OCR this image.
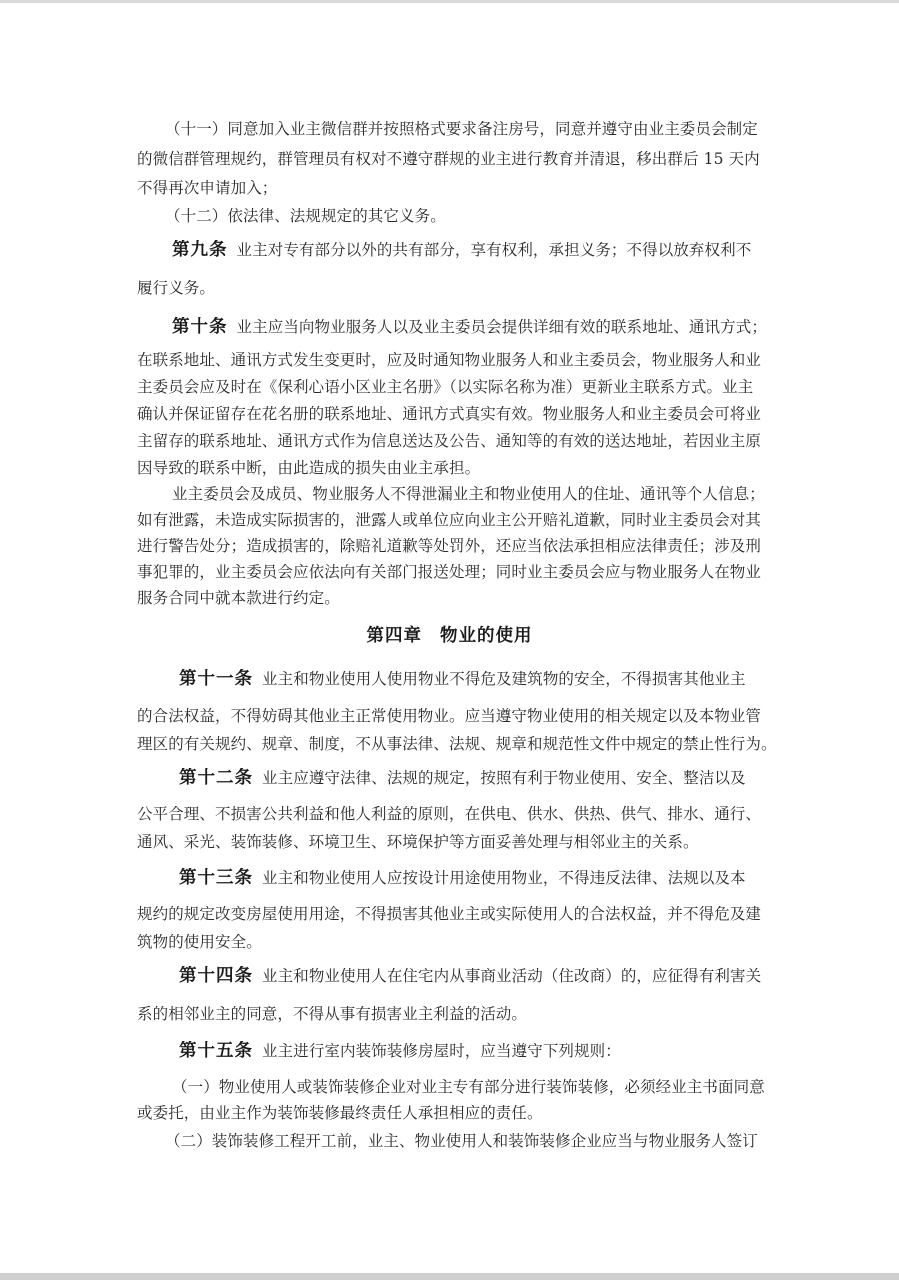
（十一）同意加入业主微信群并按照格式要求备注房号，同意并遵守由业主委员会制定
的微信群管理规约，群管理员有权对不遵守群规的业主进行教育并清退，移出群后 15 天内
不得再次申请加入；
（十二）依法律、法规规定的其它义务。
第九条 业主对专有部分以外的共有部分，享有权利，承担义务；不得以放弃权利不
履行义务。
第十条 业主应当向物业服务人以及业主委员会提供详细有效的联系地址、通讯方式；
在联系地址、通讯方式发生变更时，应及时通知物业服务人和业主委员会，物业服务人和业
主委员会应及时在《保利心语小区业主名册》（以实际名称为准）更新业主联系方式。业主
确认并保证留存在花名册的联系地址、通讯方式真实有效。物业服务人和业主委员会可将业
主留存的联系地址、通讯方式作为信息送达及公告、通知等的有效的送达地址，若因业主原
因导致的联系中断，由此造成的损失由业主承担。
业主委员会及成员、物业服务人不得泄漏业主和物业使用人的住址、通讯等个人信息；
如有泄露，未造成实际损害的，泄露人或单位应向业主公开赔礼道歉，同时业主委员会对其
进行警告处分；造成损害的，除赔礼道歉等处罚外，还应当依法承担相应法律责任；涉及刑
事犯罪的，业主委员会应依法向有关部门报送处理；同时业主委员会应与物业服务人在物业
服务合同中就本款进行约定。
第四章 物业的使用
第十一条 业主和物业使用人使用物业不得危及建筑物的安全，不得损害其他业主
的合法权益，不得妨碍其他业主正常使用物业。应当遵守物业使用的相关规定以及本物业管
理区的有关规约、规章、制度，不从事法律、法规、规章和规范性文件中规定的禁止性行为。
第十二条 业主应遵守法律、法规的规定，按照有利于物业使用、安全、整洁以及
公平合理、不损害公共利益和他人利益的原则，在供电、供水、供热、供气、排水、通行、
通风、采光、装饰装修、环境卫生、环境保护等方面妥善处理与相邻业主的关系。
第十三条 业主和物业使用人应按设计用途使用物业，不得违反法律、法规以及本
规约的规定改变房屋使用用途，不得损害其他业主或实际使用人的合法权益，并不得危及建
筑物的使用安全。
第十四条 业主和物业使用人在住宅内从事商业活动（住改商）的，应征得有利害关
系的相邻业主的同意，不得从事有损害业主利益的活动。
第十五条 业主进行室内装饰装修房屋时，应当遵守下列规则：
（一）物业使用人或装饰装修企业对业主专有部分进行装饰装修，必须经业主书面同意
或委托，由业主作为装饰装修最终责任人承担相应的责任。
（二）装饰装修工程开工前，业主、物业使用人和装饰装修企业应当与物业服务人签订
